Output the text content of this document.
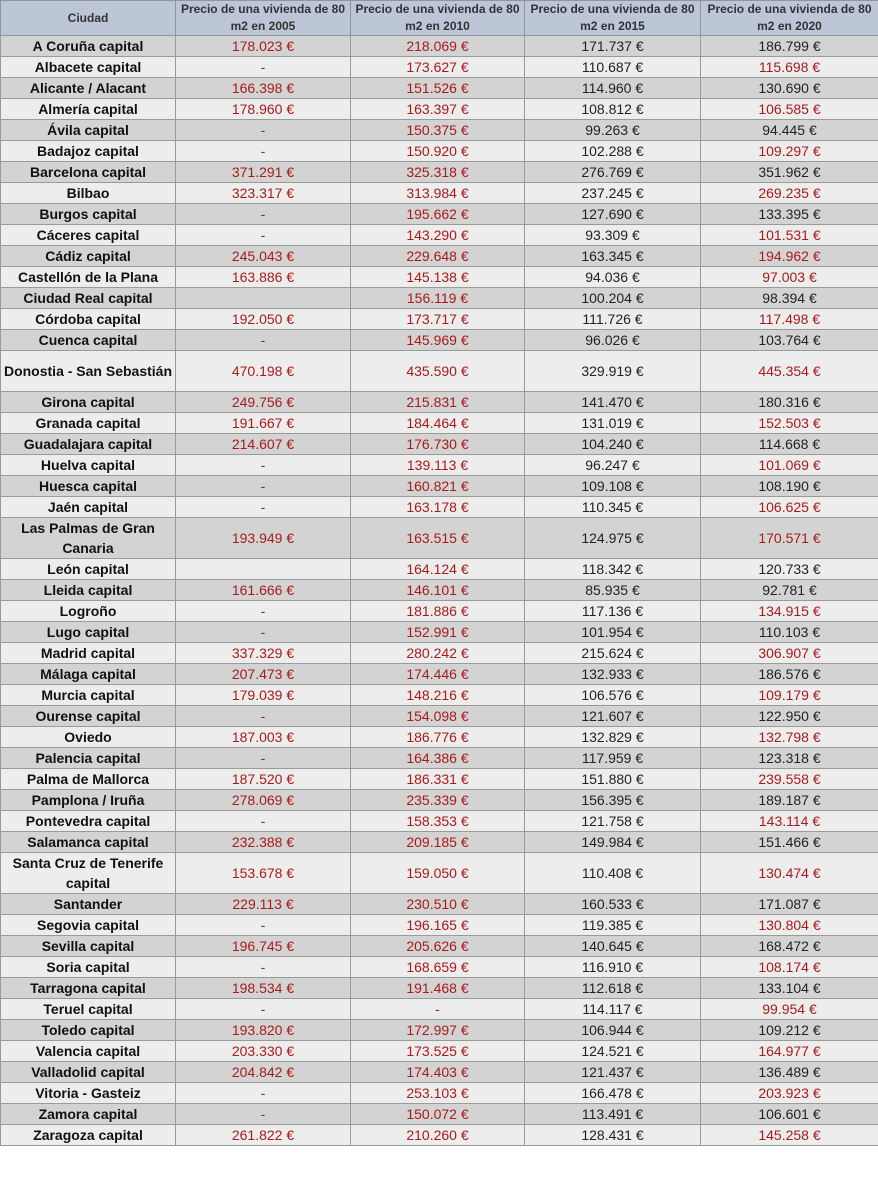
Ciudad	Precio de una vivienda de 80 m2 en 2005	Precio de una vivienda de 80 m2 en 2010	Precio de una vivienda de 80 m2 en 2015	Precio de una vivienda de 80 m2 en 2020
A Coruña capital	178.023 €	218.069 €	171.737 €	186.799 €
Albacete capital	-	173.627 €	110.687 €	115.698 €
Alicante / Alacant	166.398 €	151.526 €	114.960 €	130.690 €
Almería capital	178.960 €	163.397 €	108.812 €	106.585 €
Ávila capital	-	150.375 €	99.263 €	94.445 €
Badajoz capital	-	150.920 €	102.288 €	109.297 €
Barcelona capital	371.291 €	325.318 €	276.769 €	351.962 €
Bilbao	323.317 €	313.984 €	237.245 €	269.235 €
Burgos capital	-	195.662 €	127.690 €	133.395 €
Cáceres capital	-	143.290 €	93.309 €	101.531 €
Cádiz capital	245.043 €	229.648 €	163.345 €	194.962 €
Castellón de la Plana	163.886 €	145.138 €	94.036 €	97.003 €
Ciudad Real capital		156.119 €	100.204 €	98.394 €
Córdoba capital	192.050 €	173.717 €	111.726 €	117.498 €
Cuenca capital	-	145.969 €	96.026 €	103.764 €
Donostia - San Sebastián	470.198 €	435.590 €	329.919 €	445.354 €
Girona capital	249.756 €	215.831 €	141.470 €	180.316 €
Granada capital	191.667 €	184.464 €	131.019 €	152.503 €
Guadalajara capital	214.607 €	176.730 €	104.240 €	114.668 €
Huelva capital	-	139.113 €	96.247 €	101.069 €
Huesca capital	-	160.821 €	109.108 €	108.190 €
Jaén capital	-	163.178 €	110.345 €	106.625 €
Las Palmas de Gran Canaria	193.949 €	163.515 €	124.975 €	170.571 €
León capital		164.124 €	118.342 €	120.733 €
Lleida capital	161.666 €	146.101 €	85.935 €	92.781 €
Logroño	-	181.886 €	117.136 €	134.915 €
Lugo capital	-	152.991 €	101.954 €	110.103 €
Madrid capital	337.329 €	280.242 €	215.624 €	306.907 €
Málaga capital	207.473 €	174.446 €	132.933 €	186.576 €
Murcia capital	179.039 €	148.216 €	106.576 €	109.179 €
Ourense capital	-	154.098 €	121.607 €	122.950 €
Oviedo	187.003 €	186.776 €	132.829 €	132.798 €
Palencia capital	-	164.386 €	117.959 €	123.318 €
Palma de Mallorca	187.520 €	186.331 €	151.880 €	239.558 €
Pamplona / Iruña	278.069 €	235.339 €	156.395 €	189.187 €
Pontevedra capital	-	158.353 €	121.758 €	143.114 €
Salamanca capital	232.388 €	209.185 €	149.984 €	151.466 €
Santa Cruz de Tenerife capital	153.678 €	159.050 €	110.408 €	130.474 €
Santander	229.113 €	230.510 €	160.533 €	171.087 €
Segovia capital	-	196.165 €	119.385 €	130.804 €
Sevilla capital	196.745 €	205.626 €	140.645 €	168.472 €
Soria capital	-	168.659 €	116.910 €	108.174 €
Tarragona capital	198.534 €	191.468 €	112.618 €	133.104 €
Teruel capital	-	-	114.117 €	99.954 €
Toledo capital	193.820 €	172.997 €	106.944 €	109.212 €
Valencia capital	203.330 €	173.525 €	124.521 €	164.977 €
Valladolid capital	204.842 €	174.403 €	121.437 €	136.489 €
Vitoria - Gasteiz	-	253.103 €	166.478 €	203.923 €
Zamora capital	-	150.072 €	113.491 €	106.601 €
Zaragoza capital	261.822 €	210.260 €	128.431 €	145.258 €
